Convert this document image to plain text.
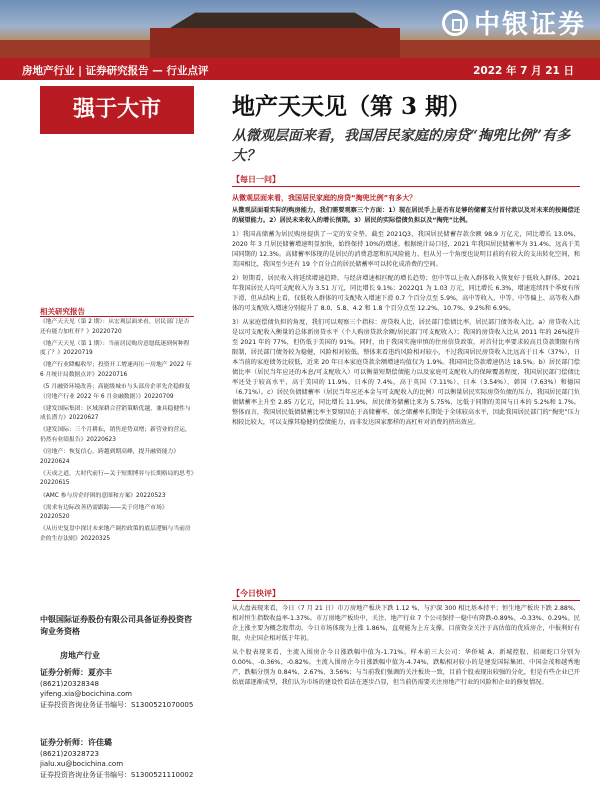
中银证券
房地产行业 | 证券研究报告 — 行业点评	2022 年 7 月 21 日
强于大市	地产天天见（第 3 期）
从微观层面来看，我国居民家庭的房贷“掏兜比例”有多大？
【每日一问】
从微观层面来看，我国居民家庭的房贷“掏兜比例”有多大？

从微观层面看实际的购房能力，我们需要观察三个方面：1）现在居民手上是否有足够的储蓄支付首付款以及对未来的按揭偿还的展望能力。2）居民未来收入的增长预期。3）居民的实际偿债负担以及“掏兜”比例。

1）我国高储蓄为居民购房提供了一定的安全垫。截至 2021Q3，我国居民储蓄存款余额 98.9 万亿元，同比增长 13.0%，2020 年 3 月居民储蓄增速明显加快，始终保持 10%的增速。根据统计局口径，2021 年我国居民储蓄率为 31.4%，远高于美国同期的 12.3%。高储蓄率体现的是居民的消费意愿和抗风险能力，但从另一个角度也说明目前的有较大的支出转化空间，和美国相比，我国至少还有 19 个百分点的居民储蓄率可以转化成消费的空间。

2）短期看，居民收入将延续增速趋降，与经济增速相匹配的增长趋势；但中等以上收入群体收入恢复好于低收入群体。2021 年我国居民人均可支配收入为 3.51 万元，同比增长 9.1%；2022Q1 为 1.03 万元，同比增长 6.3%，增速连续四个季度有所下滑，但从结构上看，仅低收入群体的可支配收入增速下滑 0.7 个百分点至 5.9%，高中等收入、中等、中等偏上、高等收入群体的可支配收入增速分别提升了 8.0、5.8、4.2 和 1.8 个百分点至 12.2%、10.7%、9.2%和 6.9%。

3）从家庭偿债负担的角度，我们可以观察三个指标：房贷收入比，居民部门偿债比率，居民部门债务收入比。a）房贷收入比是以可支配收入衡量的总体新房贷水平（个人购房贷款余额/居民部门可支配收入）；我国的房贷收入比从 2011 年的 26%提升至 2021 年的 77%，但仍低于美国的 91%。同时，由于我国实施审慎的住房信贷政策，对首付比率要求较高且贷款期限有所限制，居民部门债务较为稳健，风险相对较低。整体来看违约风险相对较小，不过我国居民房贷收入比远高于日本（37%），日本当前的家庭债务比较低，近来 20 年日本家庭贷款余额增速均值仅为 1.9%。我国同比贷款增速仍达 18.5%。b）居民部门偿债比率（居民当年应还的本息/可支配收入）可以衡量短期偿债能力以及家庭可支配收入的保障覆盖程度，我国居民部门偿债比率还处于较高水平，高于美国的 11.9%、日本的 7.4%，高于英国（7.11%）、日本（3.54%）、韩国（7.63%）和德国（6.71%）。c）居民负债储蓄率（居民当年应还本金与可支配收入的比例）可以衡量居民实际房贷负债的压力，我国居民部门负债储蓄率上升至 2.85 万亿元，同比增长 11.9%，居民债务储蓄比来为 5.75%，远低于同期的美国与日本的 5.2%和 1.7%。整体而言，我国居民低债储蓄比率主要原因在于高储蓄率，加之储蓄率长期处于全球较高水平，因此我国居民部门的“掏兜”压力相较比较大，可以支撑其稳健的偿债能力，而非发达国家那样的高杠杆对消费的挤出效应。

【今日快评】

从大盘表现来看，今日（7 月 21 日）市万房地产板块下跌 1.12 %，与沪深 300 相比基本持平；恒生地产板块下跌 2.88%，相对恒生指数收益率-1.37%。市万房地产板块中，关注、地产行业 7 个公司保持一稳中有降跌-0.89%、-0.33%、0.29%。民企上涨主要为概念股带动。今日市场体现为上涨 1.86%，直观能为上方支撑，目前资金关注于高估值的优质房企，中报利好有限，央企国企相对低于年初。

从个股表现来看，主流入围房企今日涨跌幅中值为-1.71%。样本前三大公司：华侨城 A、新城控股、招商蛇口分别为 0.00%、-0.36%、-0.82%。主流入围房企今日涨跌幅中值为-4.74%，跌幅相对较小的是建发国际集团、中国金茂和越秀地产，跌幅分别为 0.84%、2.67%、3.56%；与当前我们强调的关注板块一致，目前个股表现出较强的分化，但是有些企业已开始底部逐渐成型，我们认为市场的建设性看法在逐步凸显，但当前仍需要关注房地产行业的风险和企业的修复情况。

相关研究报告
《地产天天见（第 2 期）：从宏观层面来看，居民部门是否还有能力加杠杆？》20220720
《地产天天见（第 1 期）：当前居民购房意愿低迷到何种程度了？》20220719
《地产行业降幅收窄；投资开工增速再压一房地产 2022 年 6 月统计局数据点评》20220716
《5 月融资环境改善；高能级城市与头部房企率先企稳修复（房地产行业 2022 年 6 月金融数据）》20220709
《建发国际集团：区域深耕合营销策略优越，兼具稳健性与成长潜力》20220627
《建发国际：三个月耕耘，销售逆势双增；新营业的营运，仍然有业绩报告》20220623
《房地产：恢复信心，跨越到期高峰，提升融资能力》20220624
《天成之道，大时代前行—关于短期博弈与长期格局的思考》20220615
《AMC 参与房企纾困的意图和方案》20220523
《需求有边际改善仍需跟踪——关于房地产市场》20220520
《从历史复盘中探讨未来地产调控政策的底层逻辑与当前房企的生存法则》20220325
中银国际证券股份有限公司具备证券投资咨询业务资格
房地产行业
证券分析师：夏亦丰
(8621)20328348
yifeng.xia@bocichina.com
证券投资咨询业务证书编号：S1300521070005
证券分析师：许佳璐
(8621)20328723
jialu.xu@bocichina.com
证券投资咨询业务证书编号：S1300521110002
